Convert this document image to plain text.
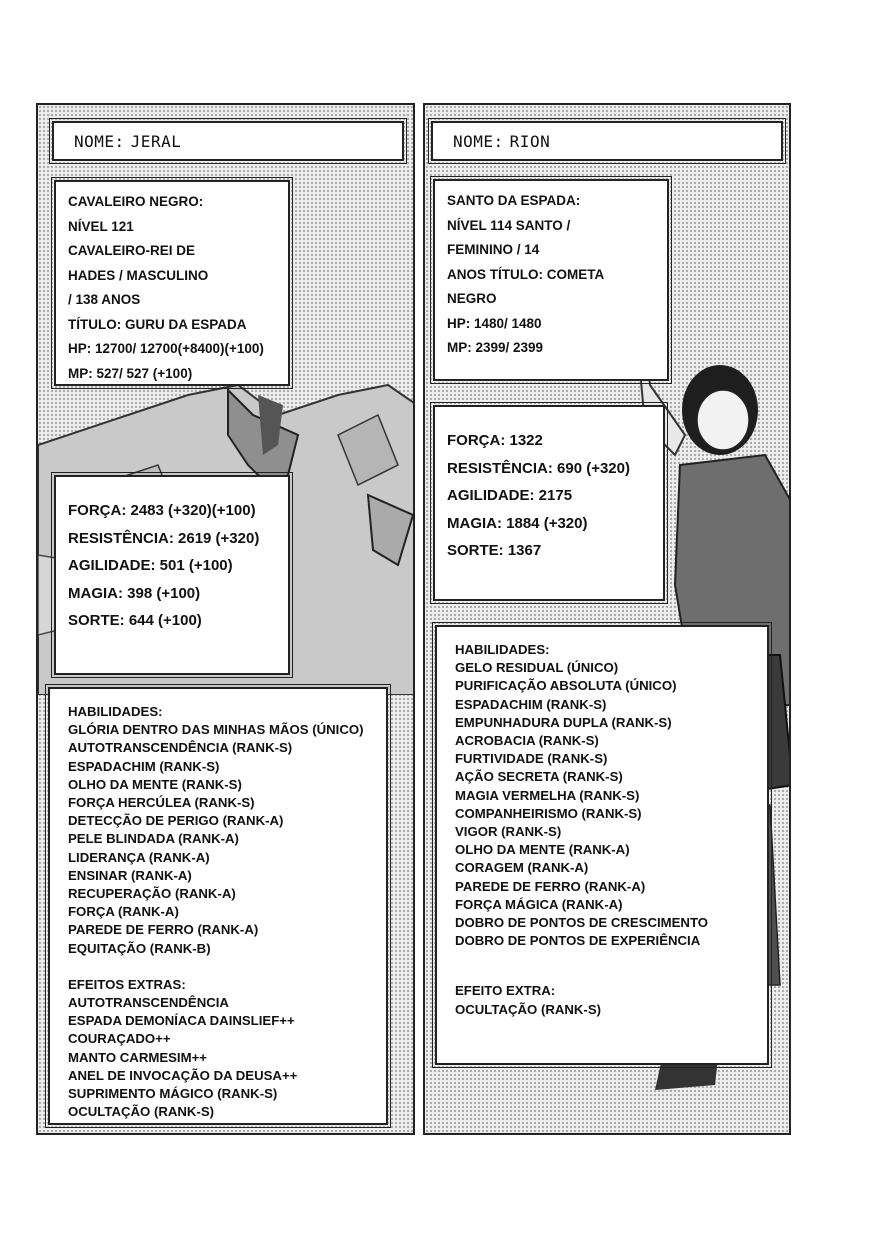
NOME: JERAL
CAVALEIRO NEGRO:
NÍVEL 121
CAVALEIRO-REI DE
HADES / MASCULINO
/ 138 ANOS
TÍTULO: GURU DA ESPADA
HP: 12700/ 12700(+8400)(+100)
MP: 527/ 527 (+100)
FORÇA: 2483 (+320)(+100)
RESISTÊNCIA: 2619 (+320)
AGILIDADE: 501 (+100)
MAGIA: 398 (+100)
SORTE: 644 (+100)
HABILIDADES:
GLÓRIA DENTRO DAS MINHAS MÃOS (ÚNICO)
AUTOTRANSCENDÊNCIA (RANK-S)
ESPADACHIM (RANK-S)
OLHO DA MENTE (RANK-S)
FORÇA HERCÚLEA (RANK-S)
DETECÇÃO DE PERIGO (RANK-A)
PELE BLINDADA (RANK-A)
LIDERANÇA (RANK-A)
ENSINAR (RANK-A)
RECUPERAÇÃO (RANK-A)
FORÇA (RANK-A)
PAREDE DE FERRO (RANK-A)
EQUITAÇÃO (RANK-B)
EFEITOS EXTRAS:
AUTOTRANSCENDÊNCIA
ESPADA DEMONÍACA DAINSLIEF++
COURAÇADO++
MANTO CARMESIM++
ANEL DE INVOCAÇÃO DA DEUSA++
SUPRIMENTO MÁGICO (RANK-S)
OCULTAÇÃO (RANK-S)
NOME: RION
SANTO DA ESPADA:
NÍVEL 114 SANTO /
FEMININO / 14
ANOS TÍTULO: COMETA
NEGRO
HP: 1480/ 1480
MP: 2399/ 2399
FORÇA: 1322
RESISTÊNCIA: 690 (+320)
AGILIDADE: 2175
MAGIA: 1884 (+320)
SORTE: 1367
HABILIDADES:
GELO RESIDUAL (ÚNICO)
PURIFICAÇÃO ABSOLUTA (ÚNICO)
ESPADACHIM (RANK-S)
EMPUNHADURA DUPLA (RANK-S)
ACROBACIA (RANK-S)
FURTIVIDADE (RANK-S)
AÇÃO SECRETA (RANK-S)
MAGIA VERMELHA (RANK-S)
COMPANHEIRISMO (RANK-S)
VIGOR (RANK-S)
OLHO DA MENTE (RANK-A)
CORAGEM (RANK-A)
PAREDE DE FERRO (RANK-A)
FORÇA MÁGICA (RANK-A)
DOBRO DE PONTOS DE CRESCIMENTO
DOBRO DE PONTOS DE EXPERIÊNCIA
EFEITO EXTRA:
OCULTAÇÃO (RANK-S)
